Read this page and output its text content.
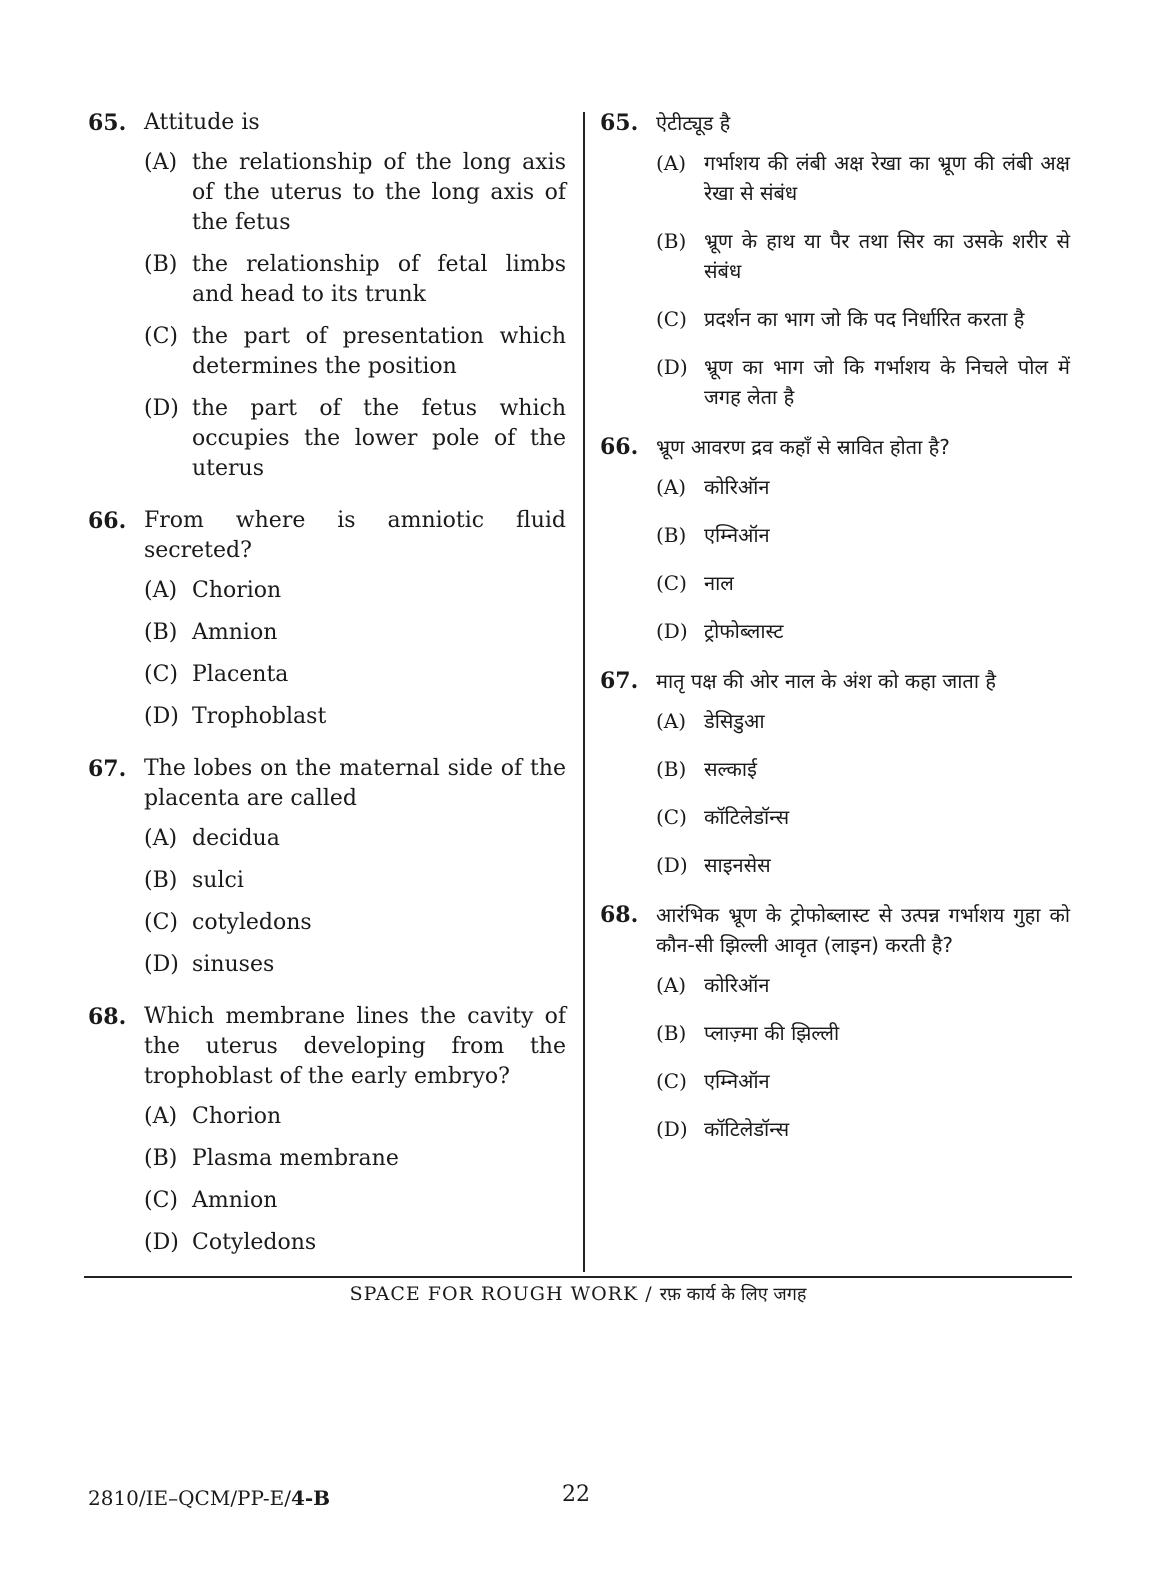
65. Attitude is
(A) the relationship of the long axis of the uterus to the long axis of the fetus
(B) the relationship of fetal limbs and head to its trunk
(C) the part of presentation which determines the position
(D) the part of the fetus which occupies the lower pole of the uterus
66. From where is amniotic fluid secreted?
(A) Chorion
(B) Amnion
(C) Placenta
(D) Trophoblast
67. The lobes on the maternal side of the placenta are called
(A) decidua
(B) sulci
(C) cotyledons
(D) sinuses
68. Which membrane lines the cavity of the uterus developing from the trophoblast of the early embryo?
(A) Chorion
(B) Plasma membrane
(C) Amnion
(D) Cotyledons
65. ऐटीट्यूड है
(A) गर्भाशय की लंबी अक्ष रेखा का भ्रूण की लंबी अक्ष रेखा से संबंध
(B) भ्रूण के हाथ या पैर तथा सिर का उसके शरीर से संबंध
(C) प्रदर्शन का भाग जो कि पद निर्धारित करता है
(D) भ्रूण का भाग जो कि गर्भाशय के निचले पोल में जगह लेता है
66. भ्रूण आवरण द्रव कहाँ से स्रावित होता है?
(A) कोरिऑन
(B) एम्निऑन
(C) नाल
(D) ट्रोफोब्लास्ट
67. मातृ पक्ष की ओर नाल के अंश को कहा जाता है
(A) डेसिडुआ
(B) सल्काई
(C) कॉटिलेडॉन्स
(D) साइनसेस
68. आरंभिक भ्रूण के ट्रोफोब्लास्ट से उत्पन्न गर्भाशय गुहा को कौन-सी झिल्ली आवृत (लाइन) करती है?
(A) कोरिऑन
(B) प्लाज़्मा की झिल्ली
(C) एम्निऑन
(D) कॉटिलेडॉन्स
SPACE FOR ROUGH WORK / रफ़ कार्य के लिए जगह
2810/IE–QCM/PP-E/4-B	22
